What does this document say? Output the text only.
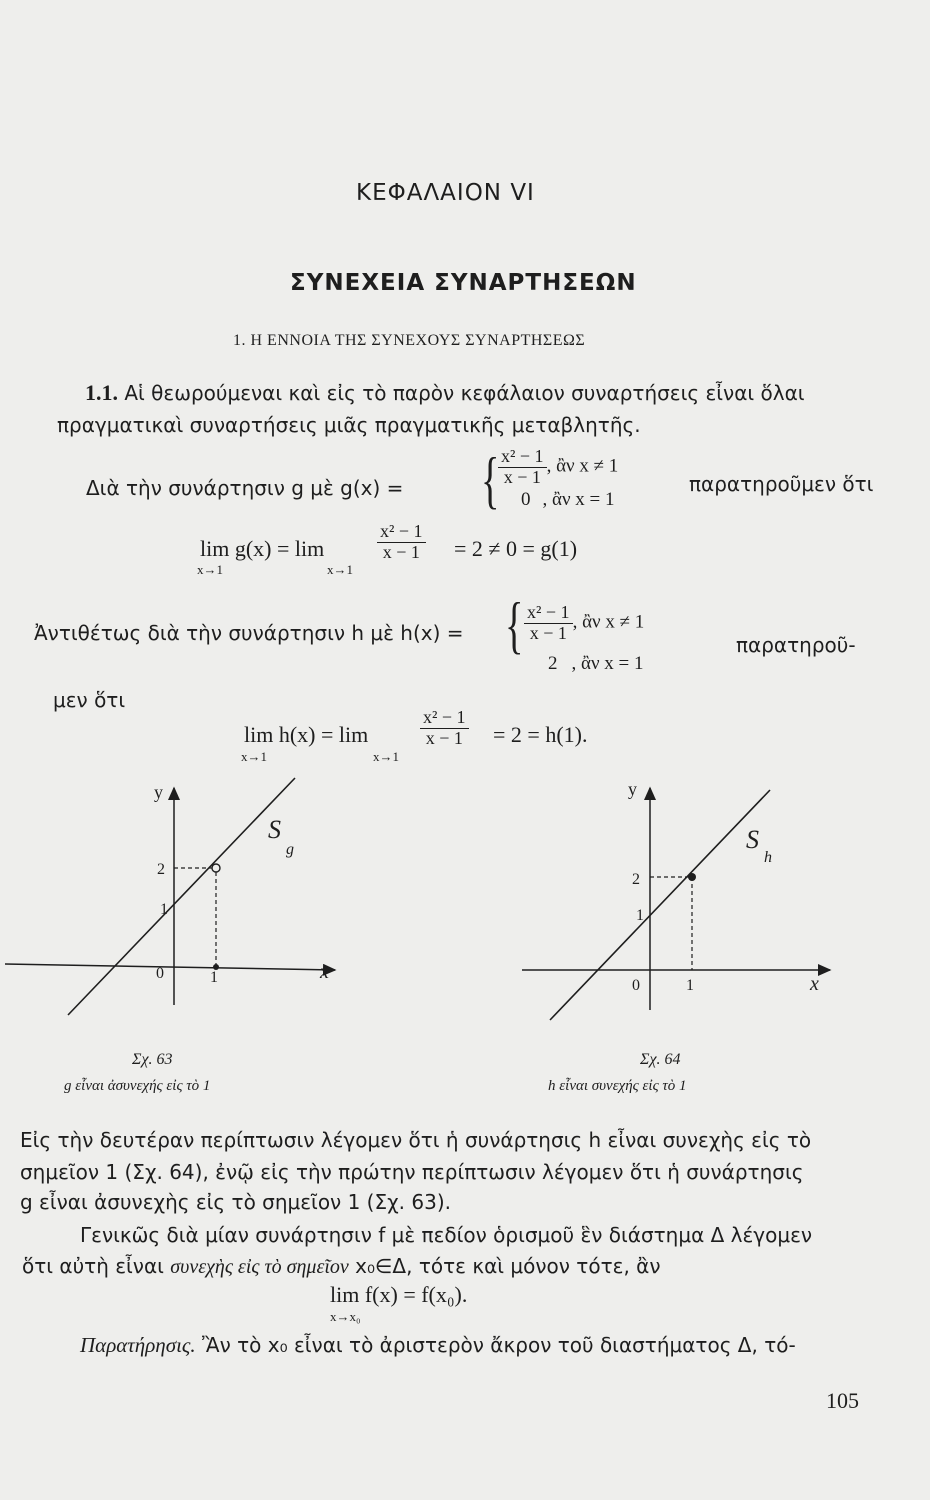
ΚΕΦΑΛΑΙΟΝ VI
ΣΥΝΕΧΕΙΑ ΣΥΝΑΡΤΗΣΕΩΝ
1. Η ΕΝΝΟΙΑ ΤΗΣ ΣΥΝΕΧΟΥΣ ΣΥΝΑΡΤΗΣΕΩΣ
1.1. Αἱ θεωρούμεναι καὶ εἰς τὸ παρὸν κεφάλαιον συναρτήσεις εἶναι ὅλαι
πραγματικαὶ συναρτήσεις μιᾶς πραγματικῆς μεταβλητῆς.
Διὰ τὴν συνάρτησιν g μὲ g(x) = {
$\frac{\text{x² − 1}}{x - 1}$ , ἂν x ≠ 1
0 , ἂν x = 1
παρατηροῦμεν ὅτι
lim g(x) = lim
x→1	x→1
$\frac{\text{x² − 1}}{x - 1} = 2 \ne 0 = g(1)$
Ἀντιθέτως διὰ τὴν συνάρτησιν h μὲ h(x) = { $\frac{\text{x² − 1}}{x - 1}$ , ἂν x ≠ 1
2 , ἂν x = 1
παρατηροῦ-
μεν ὅτι
lim h(x) = lim
x→1	x→1
$\frac{\text{x² − 1}}{x - 1} = 2 = h(1)$.
y
x
S
g
2
1
0	1
Σχ. 63
g εἶναι ἀσυνεχής εἰς τὸ 1
y
x
S
h
2
1
0	1
Σχ. 64
h εἶναι συνεχής εἰς τὸ 1
Εἰς τὴν δευτέραν περίπτωσιν λέγομεν ὅτι ἡ συνάρτησις h εἶναι συνεχὴς εἰς τὸ
σημεῖον 1 (Σχ. 64), ἐνῷ εἰς τὴν πρώτην περίπτωσιν λέγομεν ὅτι ἡ συνάρτησις
g εἶναι ἀσυνεχὴς εἰς τὸ σημεῖον 1 (Σχ. 63).
Γενικῶς διὰ μίαν συνάρτησιν f μὲ πεδίον ὁρισμοῦ ἓν διάστημα Δ λέγομεν
ὅτι αὐτὴ εἶναι συνεχὴς εἰς τὸ σημεῖον x₀∈Δ, τότε καὶ μόνον τότε, ἂν
lim f(x) = f(x₀).
x→x₀
Παρατήρησις. Ἂν τὸ x₀ εἶναι τὸ ἀριστερὸν ἄκρον τοῦ διαστήματος Δ, τό-
105
